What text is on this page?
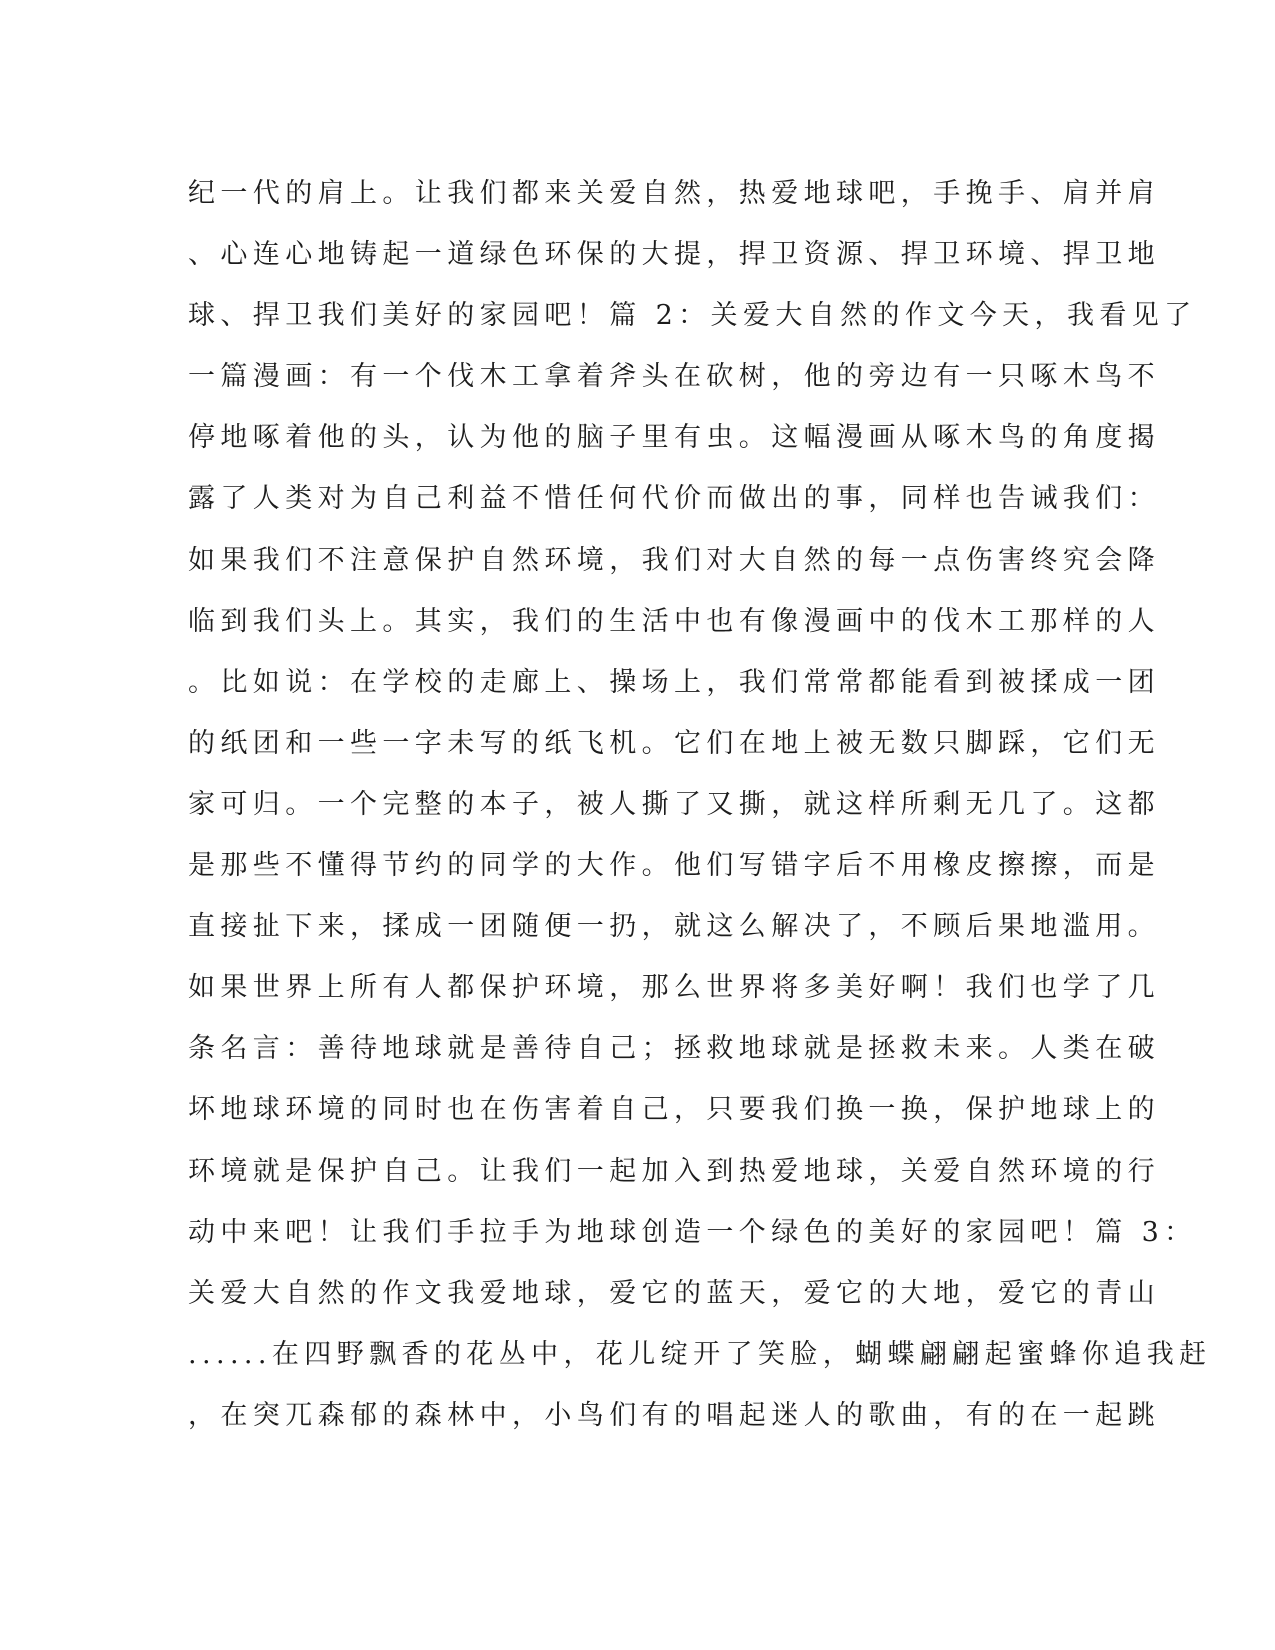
纪一代的肩上。让我们都来关爱自然，热爱地球吧，手挽手、肩并肩
、心连心地铸起一道绿色环保的大提，捍卫资源、捍卫环境、捍卫地
球、捍卫我们美好的家园吧！篇 2：关爱大自然的作文今天，我看见了
一篇漫画：有一个伐木工拿着斧头在砍树，他的旁边有一只啄木鸟不
停地啄着他的头，认为他的脑子里有虫。这幅漫画从啄木鸟的角度揭
露了人类对为自己利益不惜任何代价而做出的事，同样也告诫我们：
如果我们不注意保护自然环境，我们对大自然的每一点伤害终究会降
临到我们头上。其实，我们的生活中也有像漫画中的伐木工那样的人
。比如说：在学校的走廊上、操场上，我们常常都能看到被揉成一团
的纸团和一些一字未写的纸飞机。它们在地上被无数只脚踩，它们无
家可归。一个完整的本子，被人撕了又撕，就这样所剩无几了。这都
是那些不懂得节约的同学的大作。他们写错字后不用橡皮擦擦，而是
直接扯下来，揉成一团随便一扔，就这么解决了，不顾后果地滥用。
如果世界上所有人都保护环境，那么世界将多美好啊！我们也学了几
条名言：善待地球就是善待自己；拯救地球就是拯救未来。人类在破
坏地球环境的同时也在伤害着自己，只要我们换一换，保护地球上的
环境就是保护自己。让我们一起加入到热爱地球，关爱自然环境的行
动中来吧！让我们手拉手为地球创造一个绿色的美好的家园吧！篇 3：
关爱大自然的作文我爱地球，爱它的蓝天，爱它的大地，爱它的青山
......在四野飘香的花丛中，花儿绽开了笑脸，蝴蝶翩翩起蜜蜂你追我赶
，在突兀森郁的森林中，小鸟们有的唱起迷人的歌曲，有的在一起跳
